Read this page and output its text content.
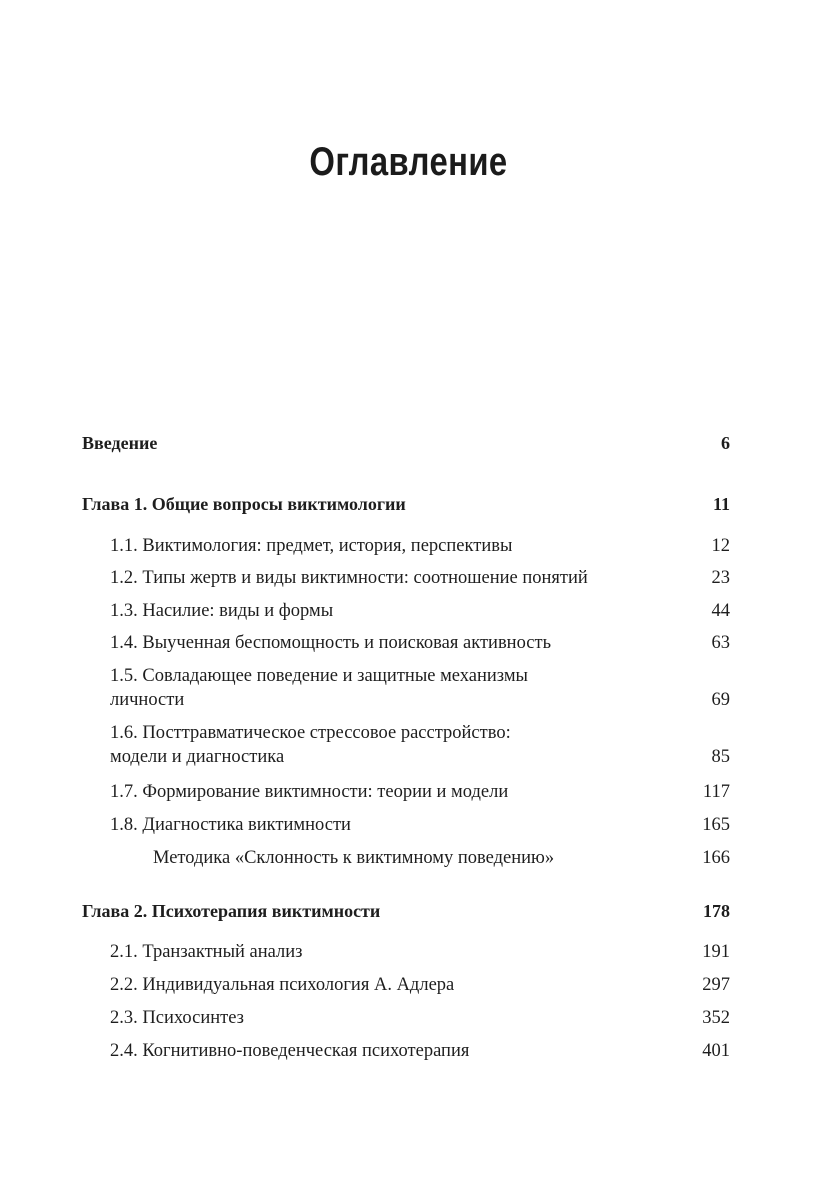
Оглавление
Введение	6
Глава 1. Общие вопросы виктимологии	11
1.1. Виктимология: предмет, история, перспективы	12
1.2. Типы жертв и виды виктимности: соотношение понятий	23
1.3. Насилие: виды и формы	44
1.4. Выученная беспомощность и поисковая активность	63
1.5. Совладающее поведение и защитные механизмы
личности	69
1.6. Посттравматическое стрессовое расстройство:
модели и диагностика	85
1.7. Формирование виктимности: теории и модели	117
1.8. Диагностика виктимности	165
Методика «Склонность к виктимному поведению»	166
Глава 2. Психотерапия виктимности	178
2.1. Транзактный анализ	191
2.2. Индивидуальная психология А. Адлера	297
2.3. Психосинтез	352
2.4. Когнитивно-поведенческая психотерапия	401
